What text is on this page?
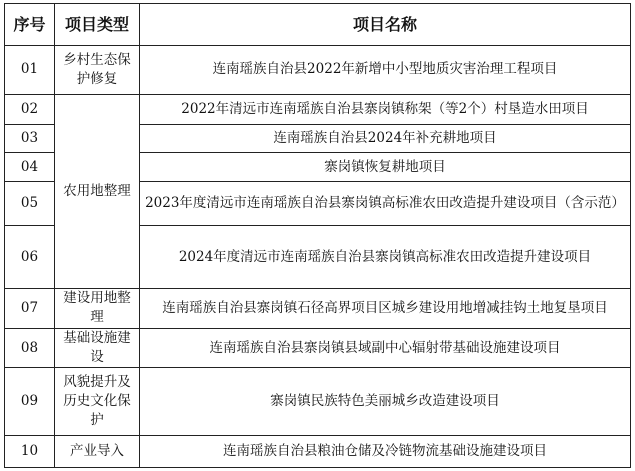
序号	项目类型	项目名称
01	乡村生态保护修复	连南瑶族自治县2022年新增中小型地质灾害治理工程项目
02	农用地整理	2022年清远市连南瑶族自治县寨岗镇称架（等2个）村垦造水田项目
03		连南瑶族自治县2024年补充耕地项目
04		寨岗镇恢复耕地项目
05		2023年度清远市连南瑶族自治县寨岗镇高标准农田改造提升建设项目（含示范）
06		2024年度清远市连南瑶族自治县寨岗镇高标准农田改造提升建设项目
07	建设用地整理	连南瑶族自治县寨岗镇石径高界项目区城乡建设用地增减挂钩土地复垦项目
08	基础设施建设	连南瑶族自治县寨岗镇县域副中心辐射带基础设施建设项目
09	风貌提升及历史文化保护	寨岗镇民族特色美丽城乡改造建设项目
10	产业导入	连南瑶族自治县粮油仓储及冷链物流基础设施建设项目
